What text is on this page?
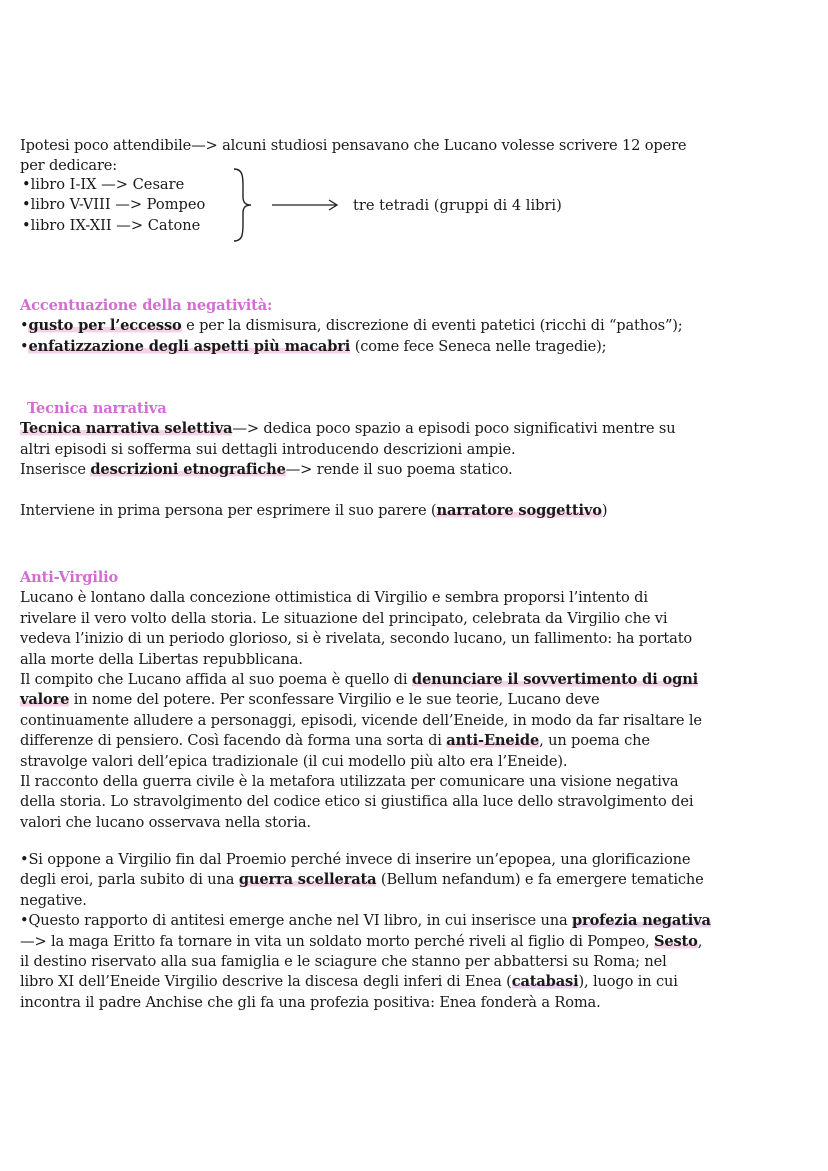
Ipotesi poco attendibile—> alcuni studiosi pensavano che Lucano volesse scrivere 12 opere
per dedicare:
•libro I-IX —> Cesare
•libro V-VIII —> Pompeo
•libro IX-XII —> Catone
tre tetradi (gruppi di 4 libri)
Accentuazione della negatività:
•gusto per l’eccesso e per la dismisura, discrezione di eventi patetici (ricchi di “pathos”);
•enfatizzazione degli aspetti più macabri (come fece Seneca nelle tragedie);
Tecnica narrativa
Tecnica narrativa selettiva—> dedica poco spazio a episodi poco significativi mentre su
altri episodi si sofferma sui dettagli introducendo descrizioni ampie.
Inserisce descrizioni etnografiche—> rende il suo poema statico.
Interviene in prima persona per esprimere il suo parere (narratore soggettivo)
Anti-Virgilio
Lucano è lontano dalla concezione ottimistica di Virgilio e sembra proporsi l’intento di
rivelare il vero volto della storia. Le situazione del principato, celebrata da Virgilio che vi
vedeva l’inizio di un periodo glorioso, si è rivelata, secondo lucano, un fallimento: ha portato
alla morte della Libertas repubblicana.
Il compito che Lucano affida al suo poema è quello di denunciare il sovvertimento di ogni
valore in nome del potere. Per sconfessare Virgilio e le sue teorie, Lucano deve
continuamente alludere a personaggi, episodi, vicende dell’Eneide, in modo da far risaltare le
differenze di pensiero. Così facendo dà forma una sorta di anti-Eneide, un poema che
stravolge valori dell’epica tradizionale (il cui modello più alto era l’Eneide).
Il racconto della guerra civile è la metafora utilizzata per comunicare una visione negativa
della storia. Lo stravolgimento del codice etico si giustifica alla luce dello stravolgimento dei
valori che lucano osservava nella storia.
•Si oppone a Virgilio fin dal Proemio perché invece di inserire un’epopea, una glorificazione
degli eroi, parla subito di una guerra scellerata (Bellum nefandum) e fa emergere tematiche
negative.
•Questo rapporto di antitesi emerge anche nel VI libro, in cui inserisce una profezia negativa
—> la maga Eritto fa tornare in vita un soldato morto perché riveli al figlio di Pompeo, Sesto,
il destino riservato alla sua famiglia e le sciagure che stanno per abbattersi su Roma; nel
libro XI dell’Eneide Virgilio descrive la discesa degli inferi di Enea (catabasi), luogo in cui
incontra il padre Anchise che gli fa una profezia positiva: Enea fonderà a Roma.
